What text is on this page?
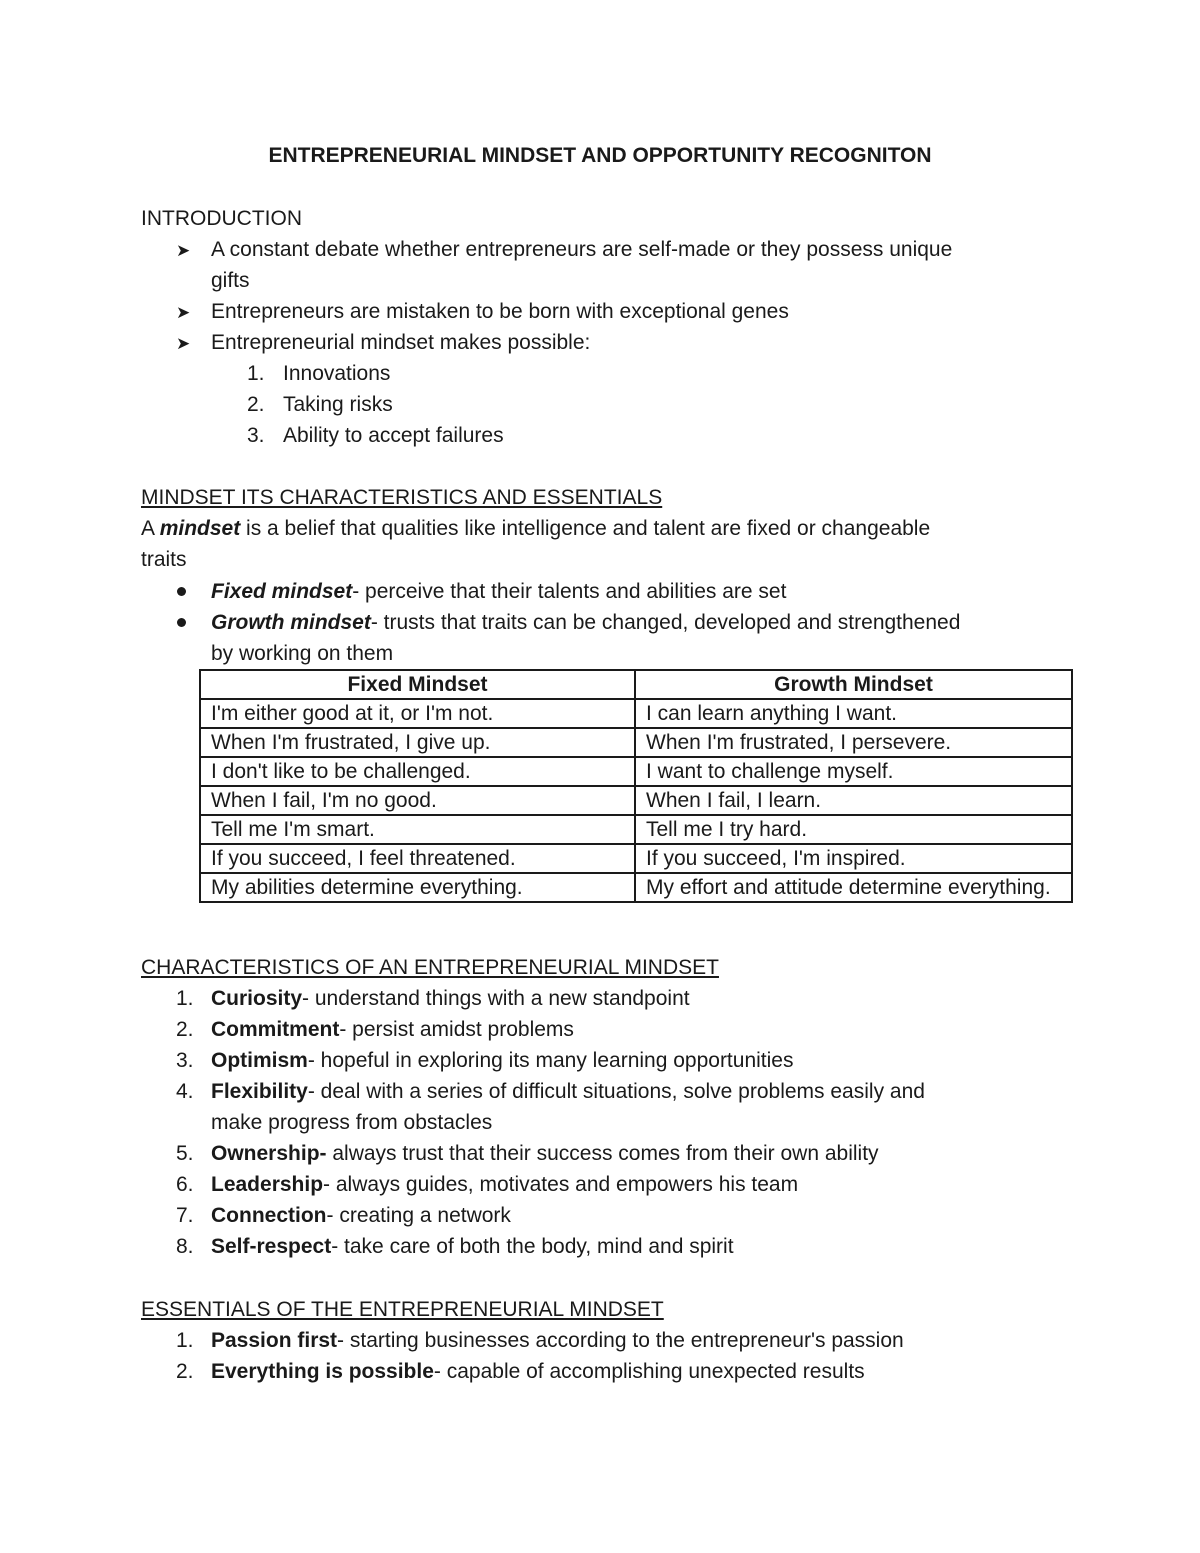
ENTREPRENEURIAL MINDSET AND OPPORTUNITY RECOGNITON
INTRODUCTION
➤ A constant debate whether entrepreneurs are self-made or they possess unique
gifts
➤ Entrepreneurs are mistaken to be born with exceptional genes
➤ Entrepreneurial mindset makes possible:
1. Innovations
2. Taking risks
3. Ability to accept failures
MINDSET ITS CHARACTERISTICS AND ESSENTIALS
A mindset is a belief that qualities like intelligence and talent are fixed or changeable
traits
Fixed mindset- perceive that their talents and abilities are set
Growth mindset- trusts that traits can be changed, developed and strengthened
by working on them
Fixed Mindset	Growth Mindset
I'm either good at it, or I'm not.	I can learn anything I want.
When I'm frustrated, I give up.	When I'm frustrated, I persevere.
I don't like to be challenged.	I want to challenge myself.
When I fail, I'm no good.	When I fail, I learn.
Tell me I'm smart.	Tell me I try hard.
If you succeed, I feel threatened.	If you succeed, I'm inspired.
My abilities determine everything.	My effort and attitude determine everything.
CHARACTERISTICS OF AN ENTREPRENEURIAL MINDSET
1. Curiosity- understand things with a new standpoint
2. Commitment- persist amidst problems
3. Optimism- hopeful in exploring its many learning opportunities
4. Flexibility- deal with a series of difficult situations, solve problems easily and
make progress from obstacles
5. Ownership- always trust that their success comes from their own ability
6. Leadership- always guides, motivates and empowers his team
7. Connection- creating a network
8. Self-respect- take care of both the body, mind and spirit
ESSENTIALS OF THE ENTREPRENEURIAL MINDSET
1. Passion first- starting businesses according to the entrepreneur's passion
2. Everything is possible- capable of accomplishing unexpected results
